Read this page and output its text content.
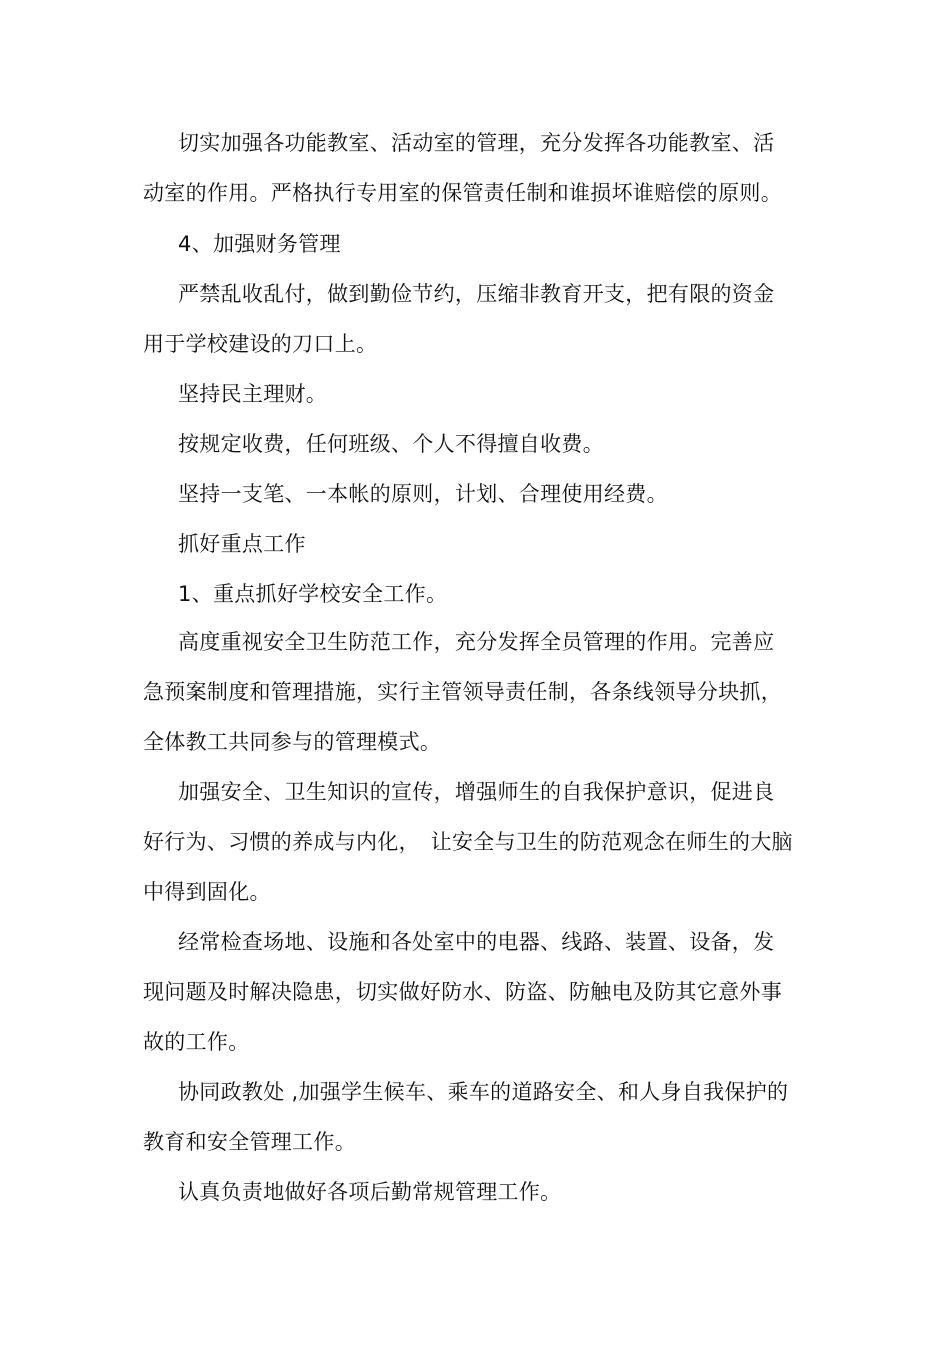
切实加强各功能教室、活动室的管理，充分发挥各功能教室、活

动室的作用。严格执行专用室的保管责任制和谁损坏谁赔偿的原则。

4、加强财务管理

严禁乱收乱付，做到勤俭节约，压缩非教育开支，把有限的资金

用于学校建设的刀口上。

坚持民主理财。

按规定收费，任何班级、个人不得擅自收费。

坚持一支笔、一本帐的原则，计划、合理使用经费。

抓好重点工作

1、重点抓好学校安全工作。

高度重视安全卫生防范工作，充分发挥全员管理的作用。完善应

急预案制度和管理措施，实行主管领导责任制，各条线领导分块抓，

全体教工共同参与的管理模式。

加强安全、卫生知识的宣传，增强师生的自我保护意识，促进良

好行为、习惯的养成与内化，　让安全与卫生的防范观念在师生的大脑

中得到固化。

经常检查场地、设施和各处室中的电器、线路、装置、设备，发

现问题及时解决隐患，切实做好防水、防盗、防触电及防其它意外事

故的工作。

协同政教处 ,加强学生候车、乘车的道路安全、和人身自我保护的

教育和安全管理工作。

认真负责地做好各项后勤常规管理工作。
